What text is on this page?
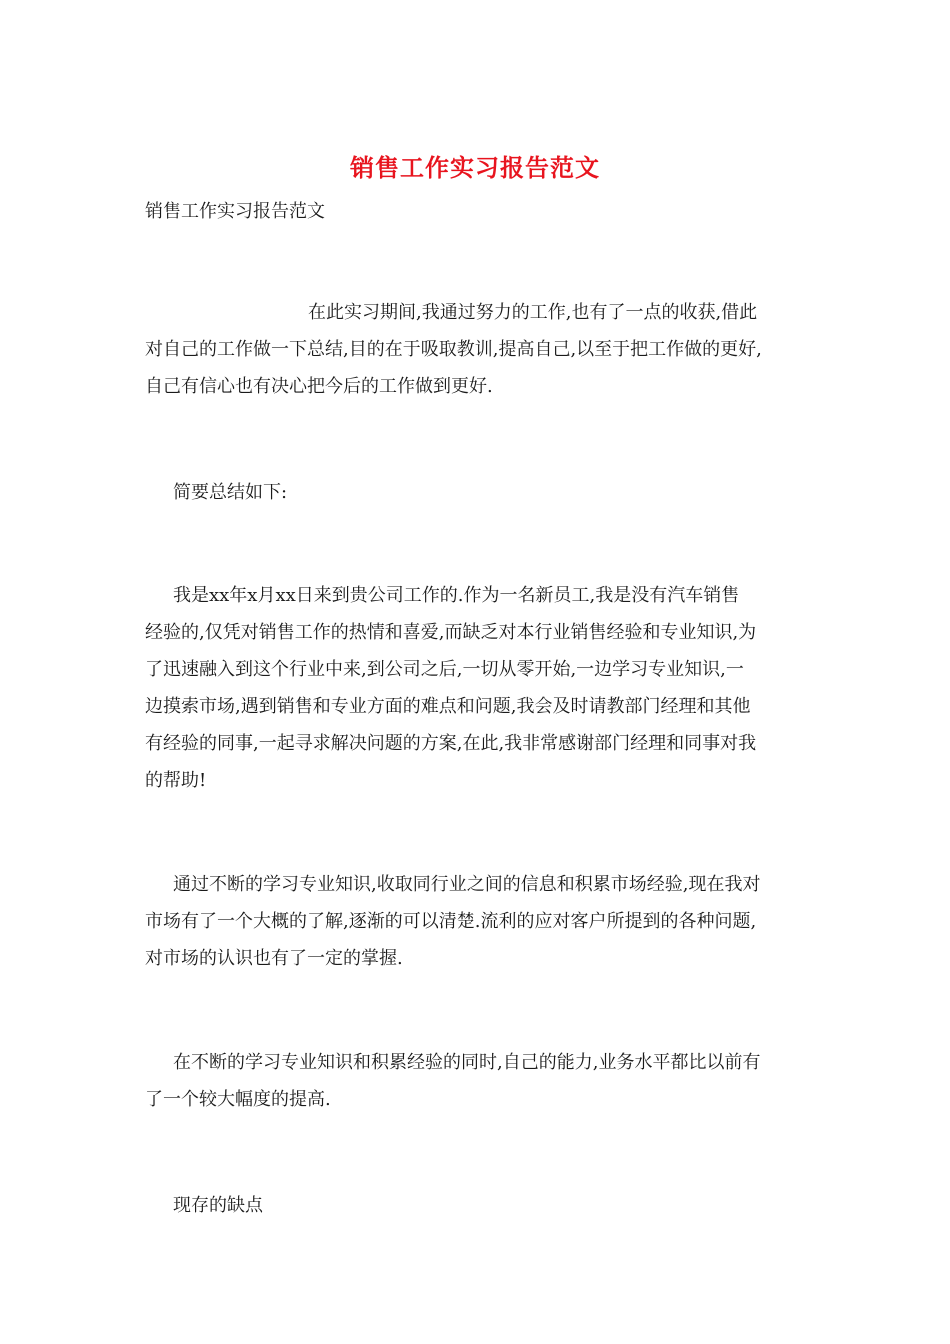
销售工作实习报告范文
销售工作实习报告范文
在此实习期间,我通过努力的工作,也有了一点的收获,借此
对自己的工作做一下总结,目的在于吸取教训,提高自己,以至于把工作做的更好,
自己有信心也有决心把今后的工作做到更好.
简要总结如下:
我是xx年x月xx日来到贵公司工作的.作为一名新员工,我是没有汽车销售
经验的,仅凭对销售工作的热情和喜爱,而缺乏对本行业销售经验和专业知识,为
了迅速融入到这个行业中来,到公司之后,一切从零开始,一边学习专业知识,一
边摸索市场,遇到销售和专业方面的难点和问题,我会及时请教部门经理和其他
有经验的同事,一起寻求解决问题的方案,在此,我非常感谢部门经理和同事对我
的帮助!
通过不断的学习专业知识,收取同行业之间的信息和积累市场经验,现在我对
市场有了一个大概的了解,逐渐的可以清楚.流利的应对客户所提到的各种问题,
对市场的认识也有了一定的掌握.
在不断的学习专业知识和积累经验的同时,自己的能力,业务水平都比以前有
了一个较大幅度的提高.
现存的缺点
